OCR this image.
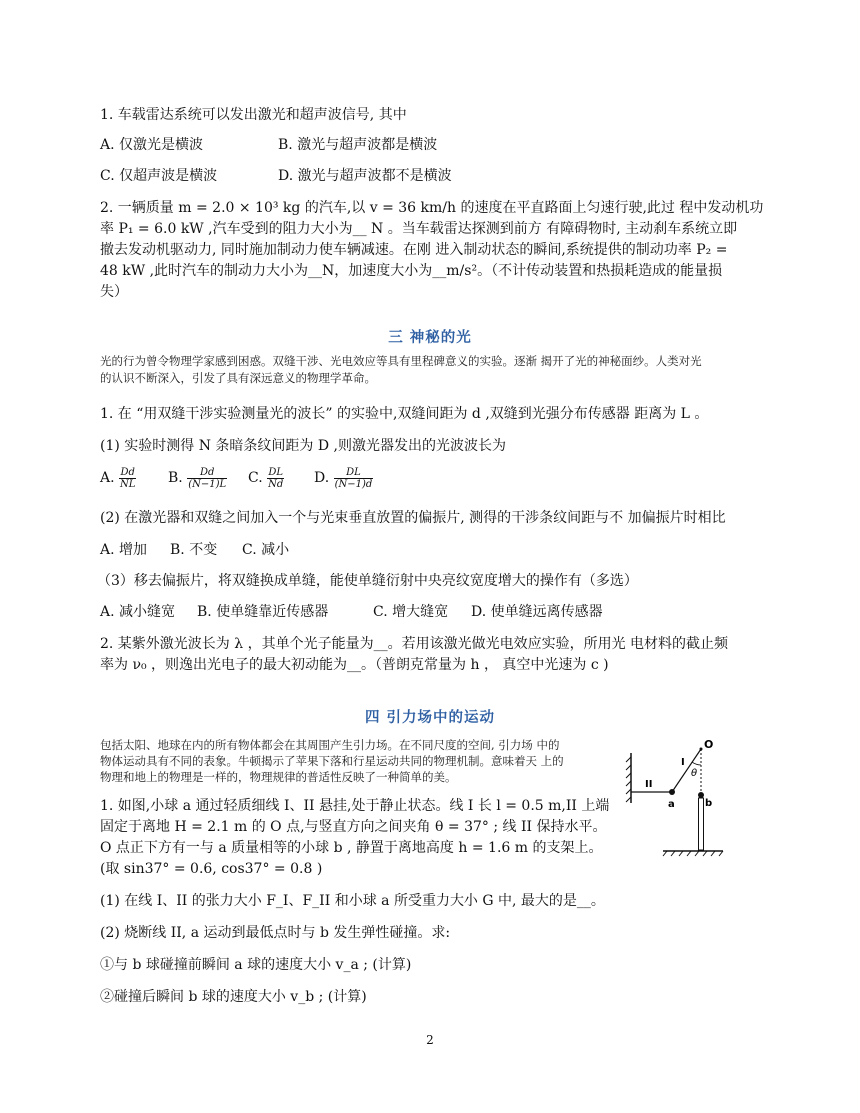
1. 车载雷达系统可以发出激光和超声波信号, 其中
A. 仅激光是横波	B. 激光与超声波都是横波
C. 仅超声波是横波	D. 激光与超声波都不是横波
2. 一辆质量 m = 2.0 × 10³ kg 的汽车,以 v = 36 km/h 的速度在平直路面上匀速行驶,此过 程中发动机功
率 P₁ = 6.0 kW ,汽车受到的阻力大小为__ N 。当车载雷达探测到前方 有障碍物时, 主动刹车系统立即
撤去发动机驱动力, 同时施加制动力使车辆减速。在刚 进入制动状态的瞬间,系统提供的制动功率 P₂ =
48 kW ,此时汽车的制动力大小为__N，加速度大小为__m/s²。（不计传动装置和热损耗造成的能量损
失）
三 神秘的光
光的行为曾令物理学家感到困惑。双缝干涉、光电效应等具有里程碑意义的实验。逐渐 揭开了光的神秘面纱。人类对光
的认识不断深入，引发了具有深远意义的物理学革命。
1. 在 “用双缝干涉实验测量光的波长” 的实验中,双缝间距为 d ,双缝到光强分布传感器 距离为 L 。
(1) 实验时测得 N 条暗条纹间距为 D ,则激光器发出的光波波长为
A. $\frac{Dd}{NL} B$. $\frac{Dd}{(N-1)L} C$. $\frac{DL}{Nd} D$. $\frac{DL}{(N-1)d}$
(2) 在激光器和双缝之间加入一个与光束垂直放置的偏振片, 测得的干涉条纹间距与不 加偏振片时相比
A. 增加 B. 不变 C. 减小
（3）移去偏振片，将双缝换成单缝，能使单缝衍射中央亮纹宽度增大的操作有（多选）
A. 减小缝宽 B. 使单缝靠近传感器	C. 增大缝宽 D. 使单缝远离传感器
2. 某紫外激光波长为 λ ，其单个光子能量为__。若用该激光做光电效应实验，所用光 电材料的截止频
率为 ν₀ ，则逸出光电子的最大初动能为__。（普朗克常量为 h ， 真空中光速为 c )
四 引力场中的运动
包括太阳、地球在内的所有物体都会在其周围产生引力场。在不同尺度的空间, 引力场 中的
物体运动具有不同的表象。牛顿揭示了苹果下落和行星运动共同的物理机制。意味着天 上的
物理和地上的物理是一样的，物理规律的普适性反映了一种简单的美。
1. 如图,小球 a 通过轻质细线 I、II 悬挂,处于静止状态。线 I 长 l = 0.5 m,II 上端
固定于离地 H = 2.1 m 的 O 点,与竖直方向之间夹角 θ = 37° ; 线 II 保持水平。
O 点正下方有一与 a 质量相等的小球 b , 静置于离地高度 h = 1.6 m 的支架上。
(取 sin37° = 0.6, cos37° = 0.8 )
O
I
θ
II
a	b
(1) 在线 I、II 的张力大小 F_I、F_II 和小球 a 所受重力大小 G 中, 最大的是__。
(2) 烧断线 II, a 运动到最低点时与 b 发生弹性碰撞。求:
①与 b 球碰撞前瞬间 a 球的速度大小 v_a ; (计算)
②碰撞后瞬间 b 球的速度大小 v_b ; (计算)
2
